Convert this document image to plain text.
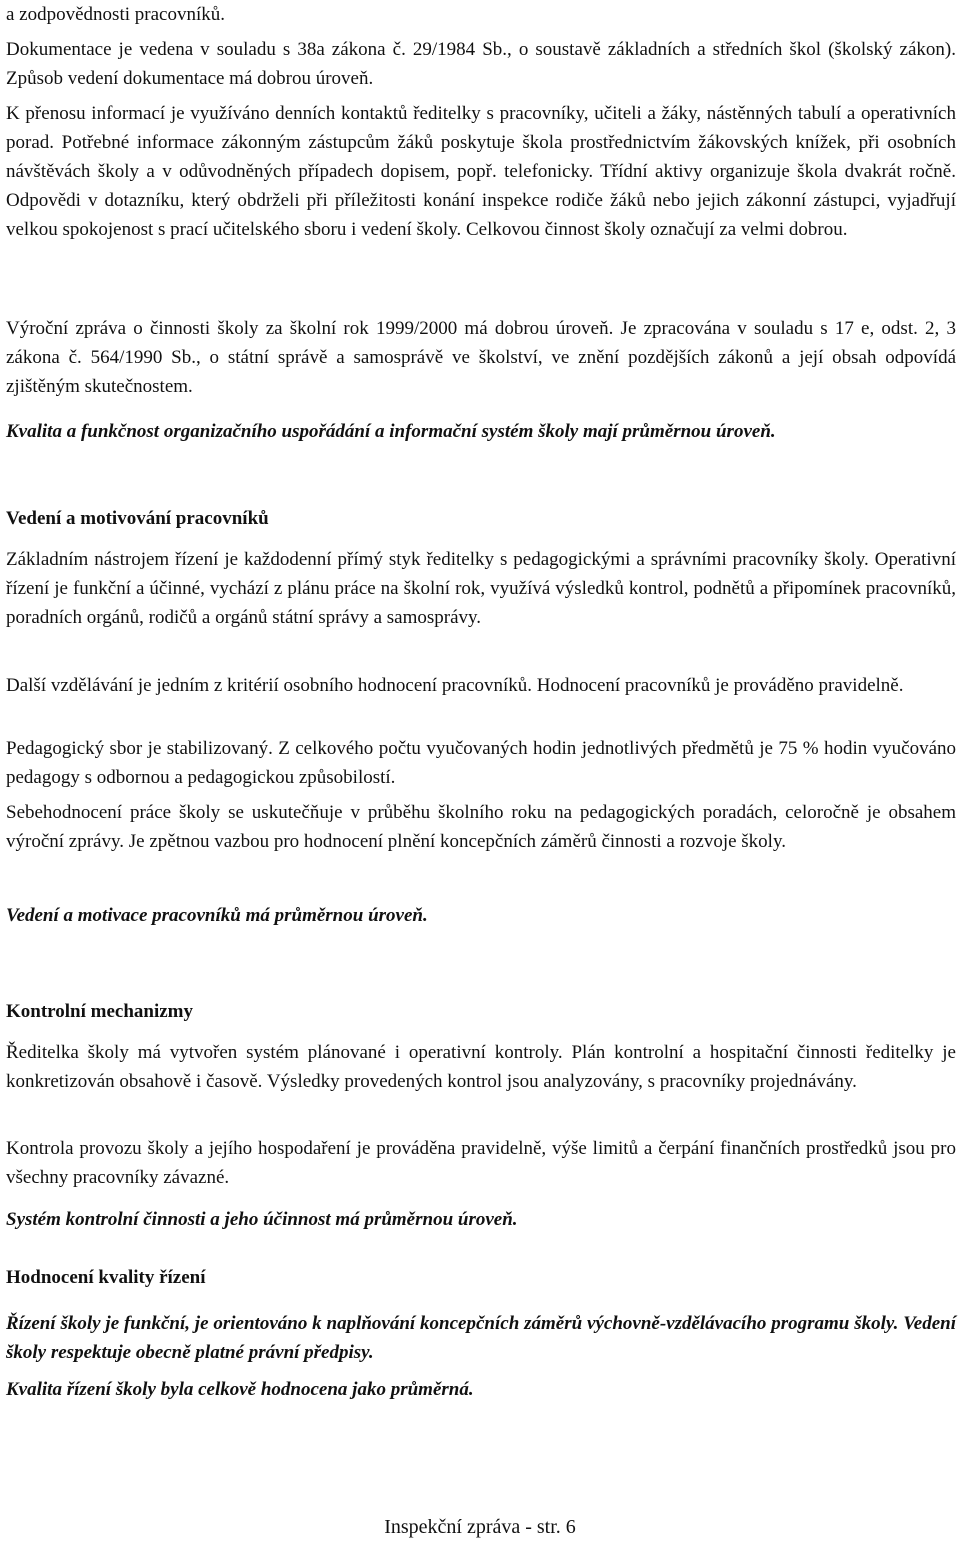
a zodpovědnosti pracovníků.

Dokumentace je vedena v souladu s 38a zákona č. 29/1984 Sb., o soustavě základních a středních škol (školský zákon). Způsob vedení dokumentace má dobrou úroveň.

K přenosu informací je využíváno denních kontaktů ředitelky s pracovníky, učiteli a žáky, nástěnných tabulí a operativních porad. Potřebné informace zákonným zástupcům žáků poskytuje škola prostřednictvím žákovských knížek, při osobních návštěvách školy a v odůvodněných případech dopisem, popř. telefonicky. Třídní aktivy organizuje škola dvakrát ročně. Odpovědi v dotazníku, který obdrželi při příležitosti konání inspekce rodiče žáků nebo jejich zákonní zástupci, vyjadřují velkou spokojenost s prací učitelského sboru i vedení školy. Celkovou činnost školy označují za velmi dobrou.

Výroční zpráva o činnosti školy za školní rok 1999/2000 má dobrou úroveň. Je zpracována v souladu s 17 e, odst. 2, 3 zákona č. 564/1990 Sb., o státní správě a samosprávě ve školství, ve znění pozdějších zákonů a její obsah odpovídá zjištěným skutečnostem.

Kvalita a funkčnost organizačního uspořádání a informační systém školy mají průměrnou úroveň.

Vedení a motivování pracovníků

Základním nástrojem řízení je každodenní přímý styk ředitelky s pedagogickými a správními pracovníky školy. Operativní řízení je funkční a účinné, vychází z plánu práce na školní rok, využívá výsledků kontrol, podnětů a připomínek pracovníků, poradních orgánů, rodičů a orgánů státní správy a samosprávy.

Další vzdělávání je jedním z kritérií osobního hodnocení pracovníků. Hodnocení pracovníků je prováděno pravidelně.

Pedagogický sbor je stabilizovaný. Z celkového počtu vyučovaných hodin jednotlivých předmětů je 75 % hodin vyučováno pedagogy s odbornou a pedagogickou způsobilostí.

Sebehodnocení práce školy se uskutečňuje v průběhu školního roku na pedagogických poradách, celoročně je obsahem výroční zprávy. Je zpětnou vazbou pro hodnocení plnění koncepčních záměrů činnosti a rozvoje školy.

Vedení a motivace pracovníků má průměrnou úroveň.

Kontrolní mechanizmy

Ředitelka školy má vytvořen systém plánované i operativní kontroly. Plán kontrolní a hospitační činnosti ředitelky je konkretizován obsahově i časově. Výsledky provedených kontrol jsou analyzovány, s pracovníky projednávány.

Kontrola provozu školy a jejího hospodaření je prováděna pravidelně, výše limitů a čerpání finančních prostředků jsou pro všechny pracovníky závazné.

Systém kontrolní činnosti a jeho účinnost má průměrnou úroveň.

Hodnocení kvality řízení

Řízení školy je funkční, je orientováno k naplňování koncepčních záměrů výchovně-vzdělávacího programu školy. Vedení školy respektuje obecně platné právní předpisy.

Kvalita řízení školy byla celkově hodnocena jako průměrná.

Inspekční zpráva - str. 6
